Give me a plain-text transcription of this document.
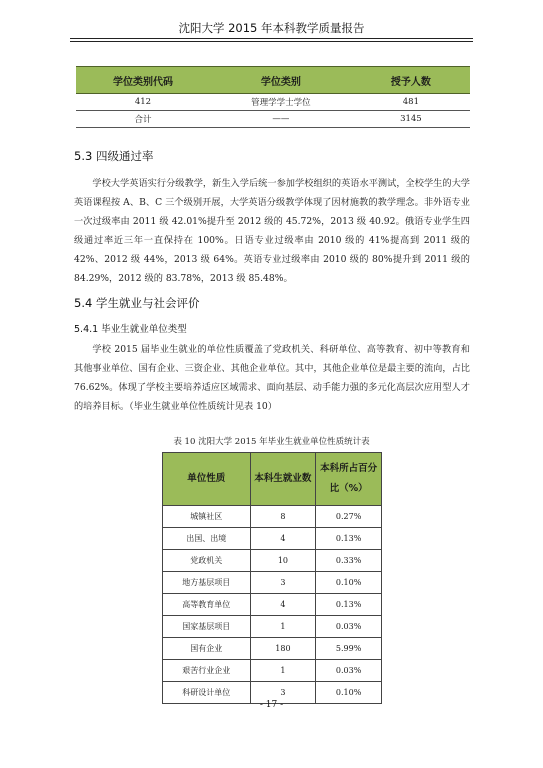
沈阳大学 2015 年本科教学质量报告
学位类别代码	学位类别	授予人数
412	管理学学士学位	481
合计	——	3145
5.3 四级通过率

学校大学英语实行分级教学，新生入学后统一参加学校组织的英语水平测试，全校学生的大学英语课程按 A、B、C 三个级别开展，大学英语分级教学体现了因材施教的教学理念。非外语专业一次过级率由 2011 级 42.01%提升至 2012 级的 45.72%，2013 级 40.92。俄语专业学生四级通过率近三年一直保持在 100%。日语专业过级率由 2010 级的 41%提高到 2011 级的 42%、2012 级 44%，2013 级 64%。英语专业过级率由 2010 级的 80%提升到 2011 级的 84.29%，2012 级的 83.78%，2013 级 85.48%。

5.4 学生就业与社会评价
5.4.1 毕业生就业单位类型

学校 2015 届毕业生就业的单位性质覆盖了党政机关、科研单位、高等教育、初中等教育和其他事业单位、国有企业、三资企业、其他企业单位。其中，其他企业单位是最主要的流向，占比 76.62%。体现了学校主要培养适应区域需求、面向基层、动手能力强的多元化高层次应用型人才的培养目标。（毕业生就业单位性质统计见表 10）

表 10 沈阳大学 2015 年毕业生就业单位性质统计表
单位性质	本科生就业数	本科所占百分比（%）
城镇社区	8	0.27%
出国、出境	4	0.13%
党政机关	10	0.33%
地方基层项目	3	0.10%
高等教育单位	4	0.13%
国家基层项目	1	0.03%
国有企业	180	5.99%
艰苦行业企业	1	0.03%
科研设计单位	3	0.10%
- 17 -
